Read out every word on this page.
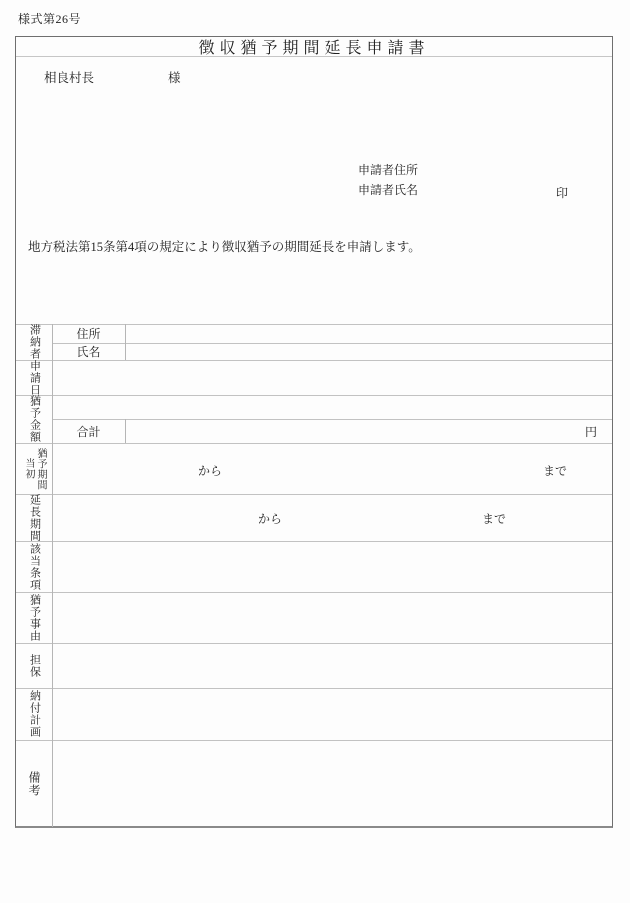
様式第26号
徴収猶予期間延長申請書
相良村長	様
申請者住所
申請者氏名	印
地方税法第15条第4項の規定により徴収猶予の期間延長を申請します。
滞納者	住所
氏名
申請日
猶予金額	合計	円
当初 猶予期間	から	まで
延長期間	から	まで
該当条項
猶予事由
担保
納付計画
備考
